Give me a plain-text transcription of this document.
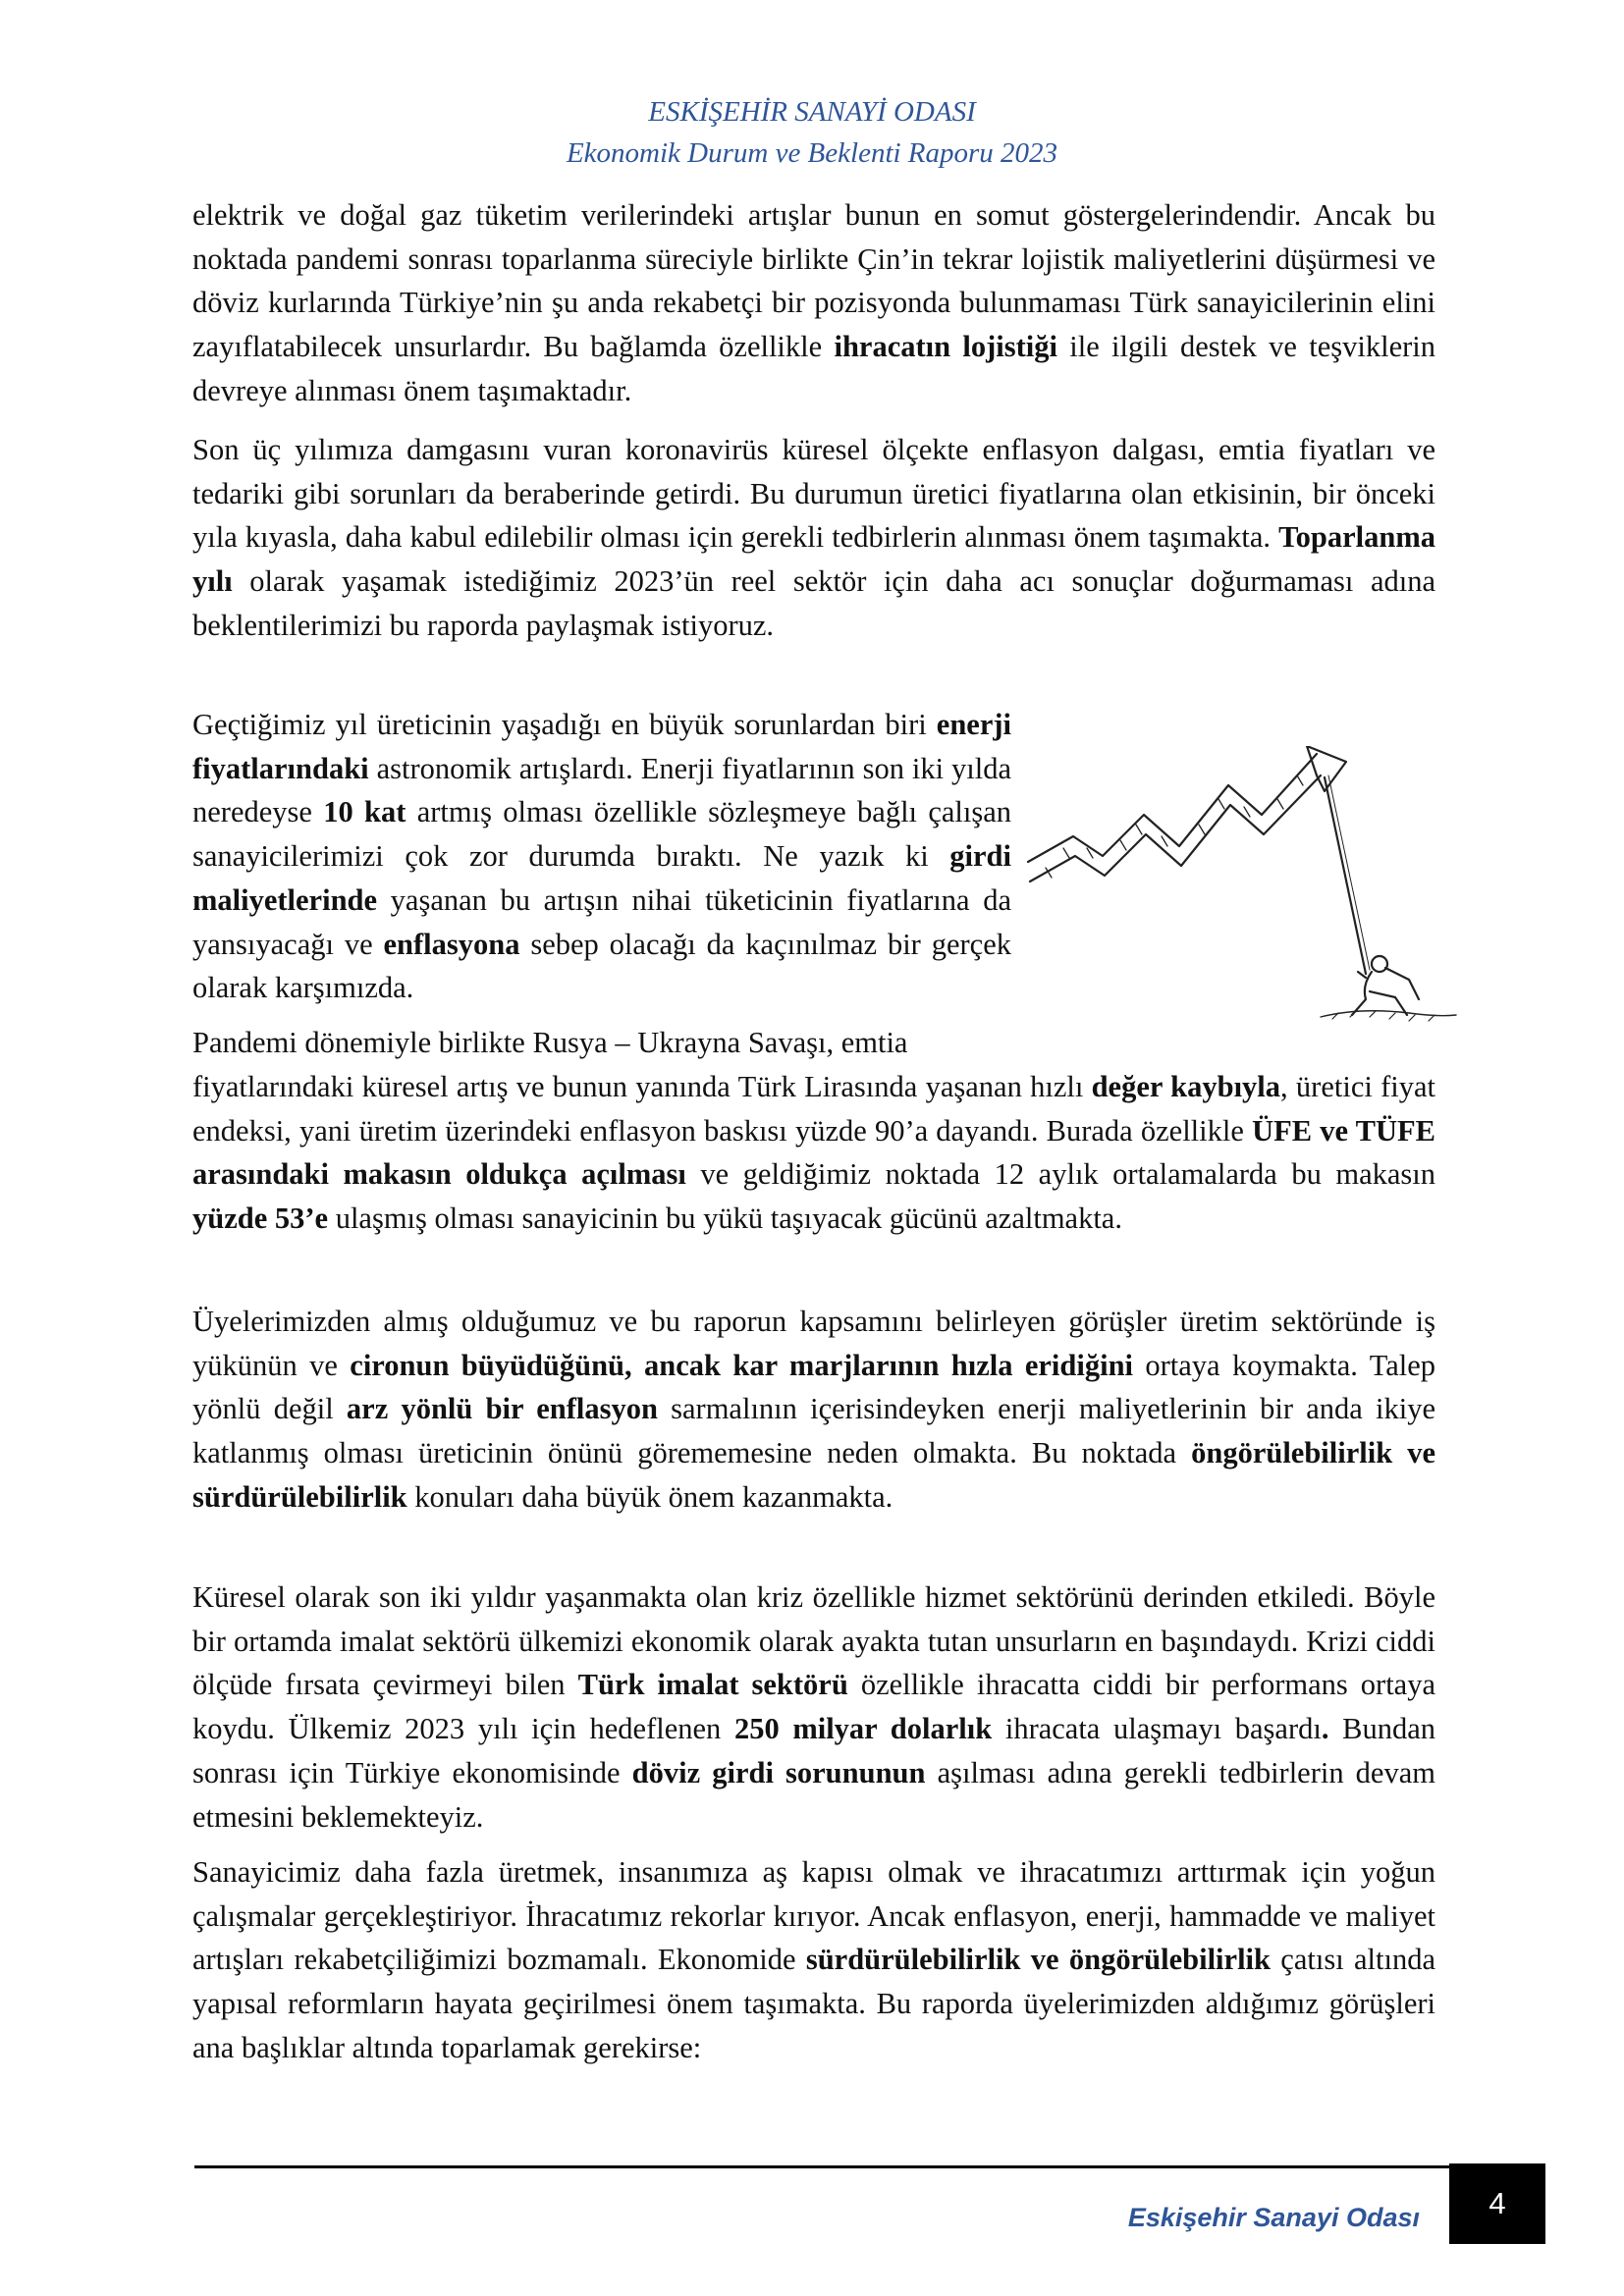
ESKİŞEHİR SANAYİ ODASI
Ekonomik Durum ve Beklenti Raporu 2023

elektrik ve doğal gaz tüketim verilerindeki artışlar bunun en somut göstergelerindendir. Ancak bu noktada pandemi sonrası toparlanma süreciyle birlikte Çin’in tekrar lojistik maliyetlerini düşürmesi ve döviz kurlarında Türkiye’nin şu anda rekabetçi bir pozisyonda bulunmaması Türk sanayicilerinin elini zayıflatabilecek unsurlardır. Bu bağlamda özellikle ihracatın lojistiği ile ilgili destek ve teşviklerin devreye alınması önem taşımaktadır.

Son üç yılımıza damgasını vuran koronavirüs küresel ölçekte enflasyon dalgası, emtia fiyatları ve tedariki gibi sorunları da beraberinde getirdi. Bu durumun üretici fiyatlarına olan etkisinin, bir önceki yıla kıyasla, daha kabul edilebilir olması için gerekli tedbirlerin alınması önem taşımakta. Toparlanma yılı olarak yaşamak istediğimiz 2023’ün reel sektör için daha acı sonuçlar doğurmaması adına beklentilerimizi bu raporda paylaşmak istiyoruz.

Geçtiğimiz yıl üreticinin yaşadığı en büyük sorunlardan biri enerji fiyatlarındaki astronomik artışlardı. Enerji fiyatlarının son iki yılda neredeyse 10 kat artmış olması özellikle sözleşmeye bağlı çalışan sanayicilerimizi çok zor durumda bıraktı. Ne yazık ki girdi maliyetlerinde yaşanan bu artışın nihai tüketicinin fiyatlarına da yansıyacağı ve enflasyona sebep olacağı da kaçınılmaz bir gerçek olarak karşımızda.

Pandemi dönemiyle birlikte Rusya – Ukrayna Savaşı, emtia

fiyatlarındaki küresel artış ve bunun yanında Türk Lirasında yaşanan hızlı değer kaybıyla, üretici fiyat endeksi, yani üretim üzerindeki enflasyon baskısı yüzde 90’a dayandı. Burada özellikle ÜFE ve TÜFE arasındaki makasın oldukça açılması ve geldiğimiz noktada 12 aylık ortalamalarda bu makasın yüzde 53’e ulaşmış olması sanayicinin bu yükü taşıyacak gücünü azaltmakta.

Üyelerimizden almış olduğumuz ve bu raporun kapsamını belirleyen görüşler üretim sektöründe iş yükünün ve cironun büyüdüğünü, ancak kar marjlarının hızla eridiğini ortaya koymakta. Talep yönlü değil arz yönlü bir enflasyon sarmalının içerisindeyken enerji maliyetlerinin bir anda ikiye katlanmış olması üreticinin önünü görememesine neden olmakta. Bu noktada öngörülebilirlik ve sürdürülebilirlik konuları daha büyük önem kazanmakta.

Küresel olarak son iki yıldır yaşanmakta olan kriz özellikle hizmet sektörünü derinden etkiledi. Böyle bir ortamda imalat sektörü ülkemizi ekonomik olarak ayakta tutan unsurların en başındaydı. Krizi ciddi ölçüde fırsata çevirmeyi bilen Türk imalat sektörü özellikle ihracatta ciddi bir performans ortaya koydu. Ülkemiz 2023 yılı için hedeflenen 250 milyar dolarlık ihracata ulaşmayı başardı. Bundan sonrası için Türkiye ekonomisinde döviz girdi sorununun aşılması adına gerekli tedbirlerin devam etmesini beklemekteyiz.

Sanayicimiz daha fazla üretmek, insanımıza aş kapısı olmak ve ihracatımızı arttırmak için yoğun çalışmalar gerçekleştiriyor. İhracatımız rekorlar kırıyor. Ancak enflasyon, enerji, hammadde ve maliyet artışları rekabetçiliğimizi bozmamalı. Ekonomide sürdürülebilirlik ve öngörülebilirlik çatısı altında yapısal reformların hayata geçirilmesi önem taşımakta. Bu raporda üyelerimizden aldığımız görüşleri ana başlıklar altında toparlamak gerekirse:

Eskişehir Sanayi Odası	4
